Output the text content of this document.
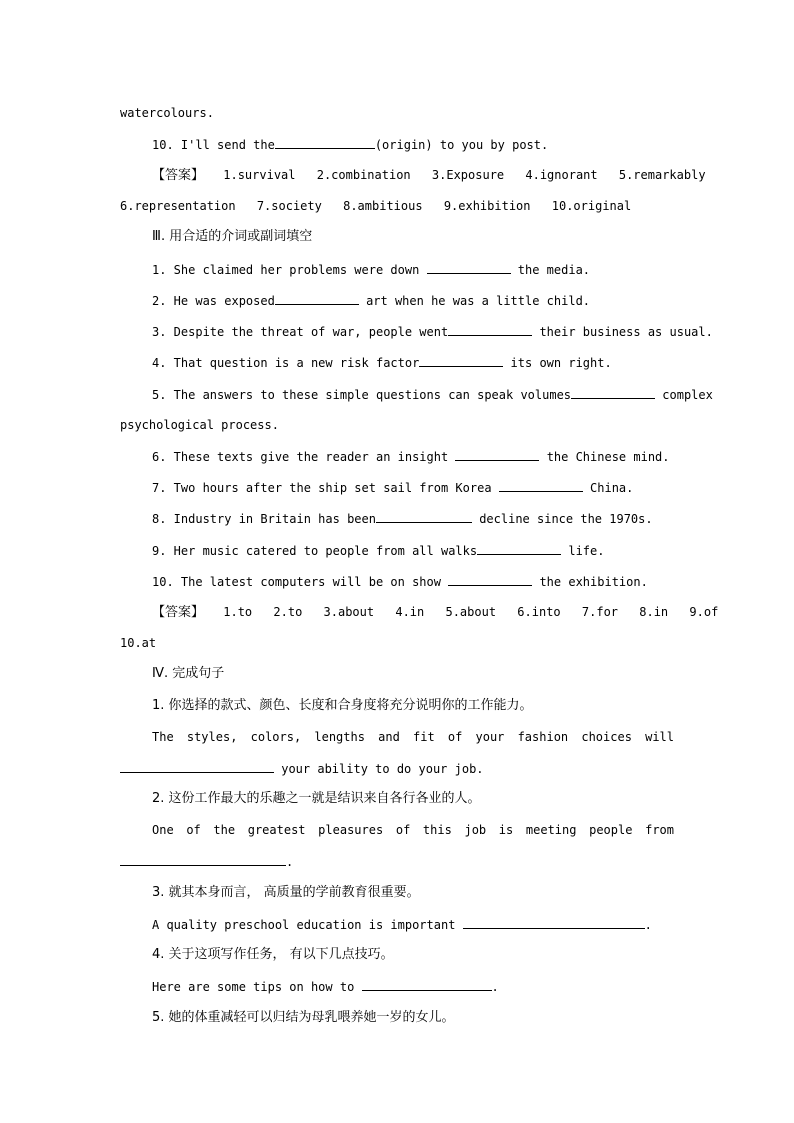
watercolours.
10. I'll send the	(origin) to you by post.
【答案】 1.survival 2.combination 3.Exposure 4.ignorant 5.remarkably
6.representation 7.society 8.ambitious 9.exhibition 10.original
Ⅲ. 用合适的介词或副词填空
1. She claimed her problems were down	the media.
2. He was exposed	art when he was a little child.
3. Despite the threat of war, people went	their business as usual.
4. That question is a new risk factor	its own right.
5. The answers to these simple questions can speak volumes	complex
psychological process.
6. These texts give the reader an insight	the Chinese mind.
7. Two hours after the ship set sail from Korea	China.
8. Industry in Britain has been	decline since the 1970s.
9. Her music catered to people from all walks	life.
10. The latest computers will be on show	the exhibition.
【答案】 1.to 2.to 3.about 4.in 5.about 6.into 7.for 8.in 9.of
10.at
Ⅳ. 完成句子
1. 你选择的款式、颜色、长度和合身度将充分说明你的工作能力。
The styles, colors, lengths and fit of your fashion choices will
your ability to do your job.
2. 这份工作最大的乐趣之一就是结识来自各行各业的人。
One of the greatest pleasures of this job is meeting people from
.
3. 就其本身而言， 高质量的学前教育很重要。
A quality preschool education is important	.
4. 关于这项写作任务， 有以下几点技巧。
Here are some tips on how to	.
5. 她的体重减轻可以归结为母乳喂养她一岁的女儿。
